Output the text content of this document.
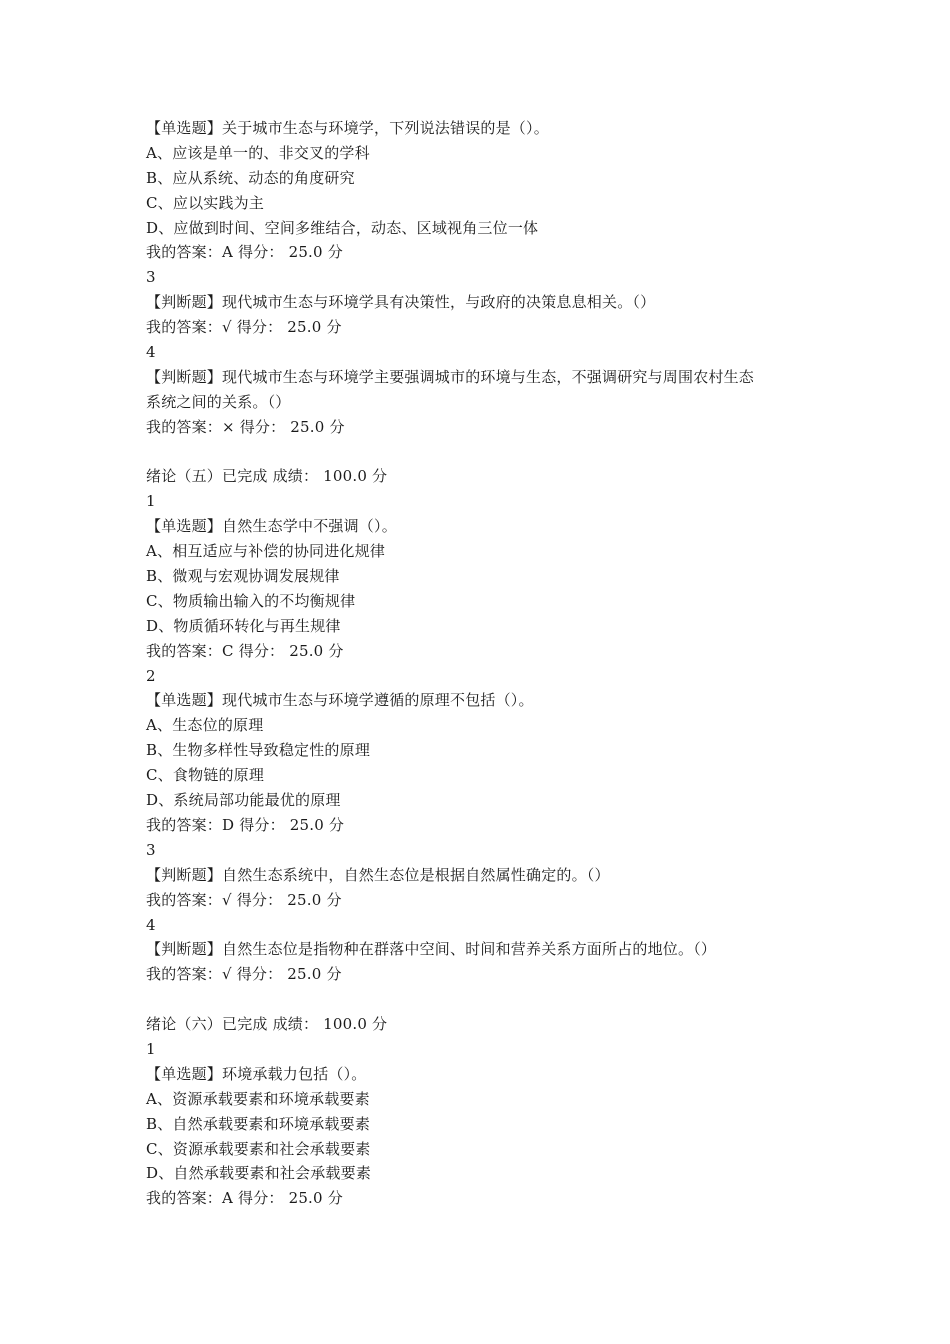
【单选题】关于城市生态与环境学，下列说法错误的是（）。
A、应该是单一的、非交叉的学科
B、应从系统、动态的角度研究
C、应以实践为主
D、应做到时间、空间多维结合，动态、区域视角三位一体
我的答案：A 得分： 25.0 分
3
【判断题】现代城市生态与环境学具有决策性，与政府的决策息息相关。（）
我的答案：√ 得分： 25.0 分
4
【判断题】现代城市生态与环境学主要强调城市的环境与生态，不强调研究与周围农村生态
系统之间的关系。（）
我的答案：× 得分： 25.0 分
绪论（五）已完成 成绩： 100.0 分
1
【单选题】自然生态学中不强调（）。
A、相互适应与补偿的协同进化规律
B、微观与宏观协调发展规律
C、物质输出输入的不均衡规律
D、物质循环转化与再生规律
我的答案：C 得分： 25.0 分
2
【单选题】现代城市生态与环境学遵循的原理不包括（）。
A、生态位的原理
B、生物多样性导致稳定性的原理
C、食物链的原理
D、系统局部功能最优的原理
我的答案：D 得分： 25.0 分
3
【判断题】自然生态系统中，自然生态位是根据自然属性确定的。（）
我的答案：√ 得分： 25.0 分
4
【判断题】自然生态位是指物种在群落中空间、时间和营养关系方面所占的地位。（）
我的答案：√ 得分： 25.0 分
绪论（六）已完成 成绩： 100.0 分
1
【单选题】环境承载力包括（）。
A、资源承载要素和环境承载要素
B、自然承载要素和环境承载要素
C、资源承载要素和社会承载要素
D、自然承载要素和社会承载要素
我的答案：A 得分： 25.0 分
